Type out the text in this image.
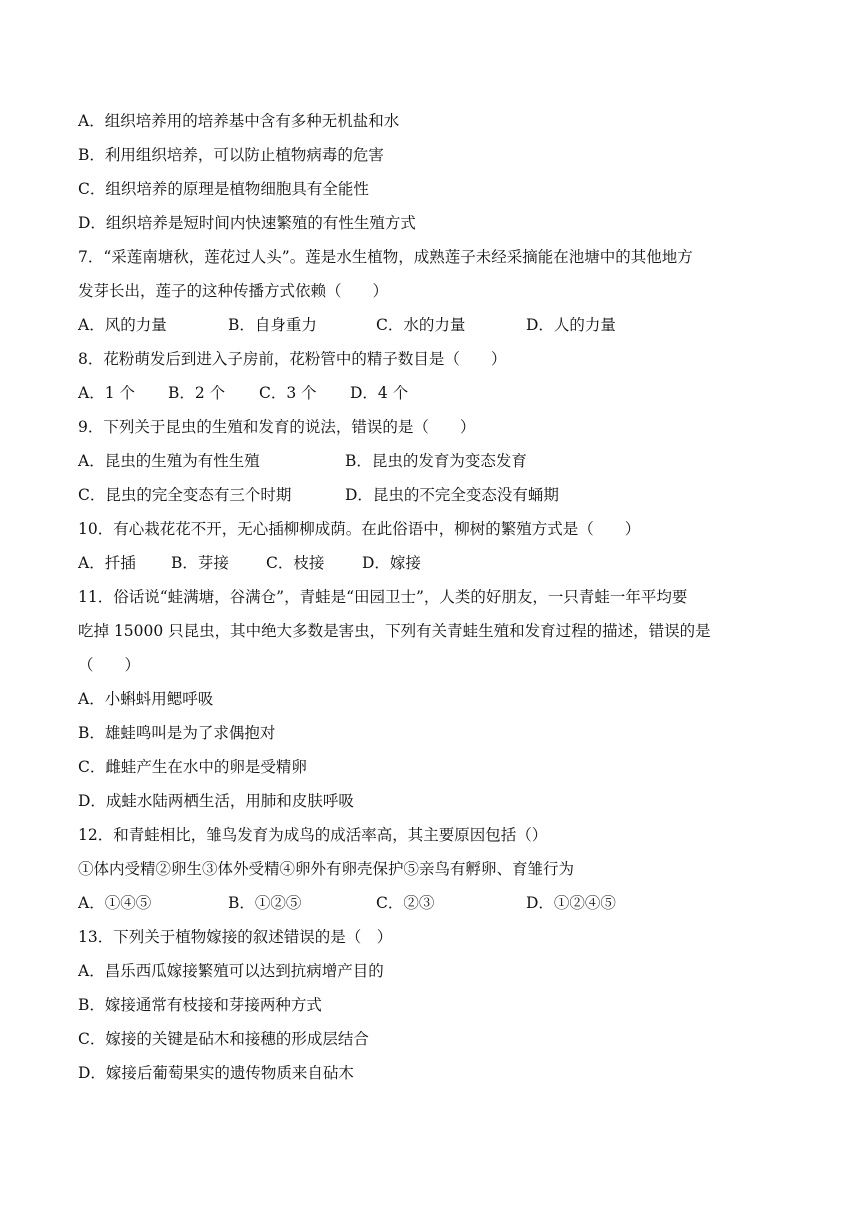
A．组织培养用的培养基中含有多种无机盐和水
B．利用组织培养，可以防止植物病毒的危害
C．组织培养的原理是植物细胞具有全能性
D．组织培养是短时间内快速繁殖的有性生殖方式
7．“采莲南塘秋，莲花过人头”。莲是水生植物，成熟莲子未经采摘能在池塘中的其他地方
发芽长出，莲子的这种传播方式依赖（　　）
A．风的力量	B．自身重力	C．水的力量	D．人的力量
8．花粉萌发后到进入子房前，花粉管中的精子数目是（　　）
A．1 个 B．2 个 C．3 个 D．4 个
9．下列关于昆虫的生殖和发育的说法，错误的是（　　）
A．昆虫的生殖为有性生殖	B．昆虫的发育为变态发育
C．昆虫的完全变态有三个时期	D．昆虫的不完全变态没有蛹期
10．有心栽花花不开，无心插柳柳成荫。在此俗语中，柳树的繁殖方式是（　　）
A．扦插 B．芽接 C．枝接 D．嫁接
11．俗话说“蛙满塘，谷满仓”，青蛙是“田园卫士”，人类的好朋友，一只青蛙一年平均要
吃掉 15000 只昆虫，其中绝大多数是害虫，下列有关青蛙生殖和发育过程的描述，错误的是
（　　）
A．小蝌蚪用鳃呼吸
B．雄蛙鸣叫是为了求偶抱对
C．雌蛙产生在水中的卵是受精卵
D．成蛙水陆两栖生活，用肺和皮肤呼吸
12．和青蛙相比，雏鸟发育为成鸟的成活率高，其主要原因包括（）
①体内受精②卵生③体外受精④卵外有卵壳保护⑤亲鸟有孵卵、育雏行为
A．①④⑤	B．①②⑤	C．②③	D．①②④⑤
13．下列关于植物嫁接的叙述错误的是（　）
A．昌乐西瓜嫁接繁殖可以达到抗病增产目的
B．嫁接通常有枝接和芽接两种方式
C．嫁接的关键是砧木和接穗的形成层结合
D．嫁接后葡萄果实的遗传物质来自砧木
